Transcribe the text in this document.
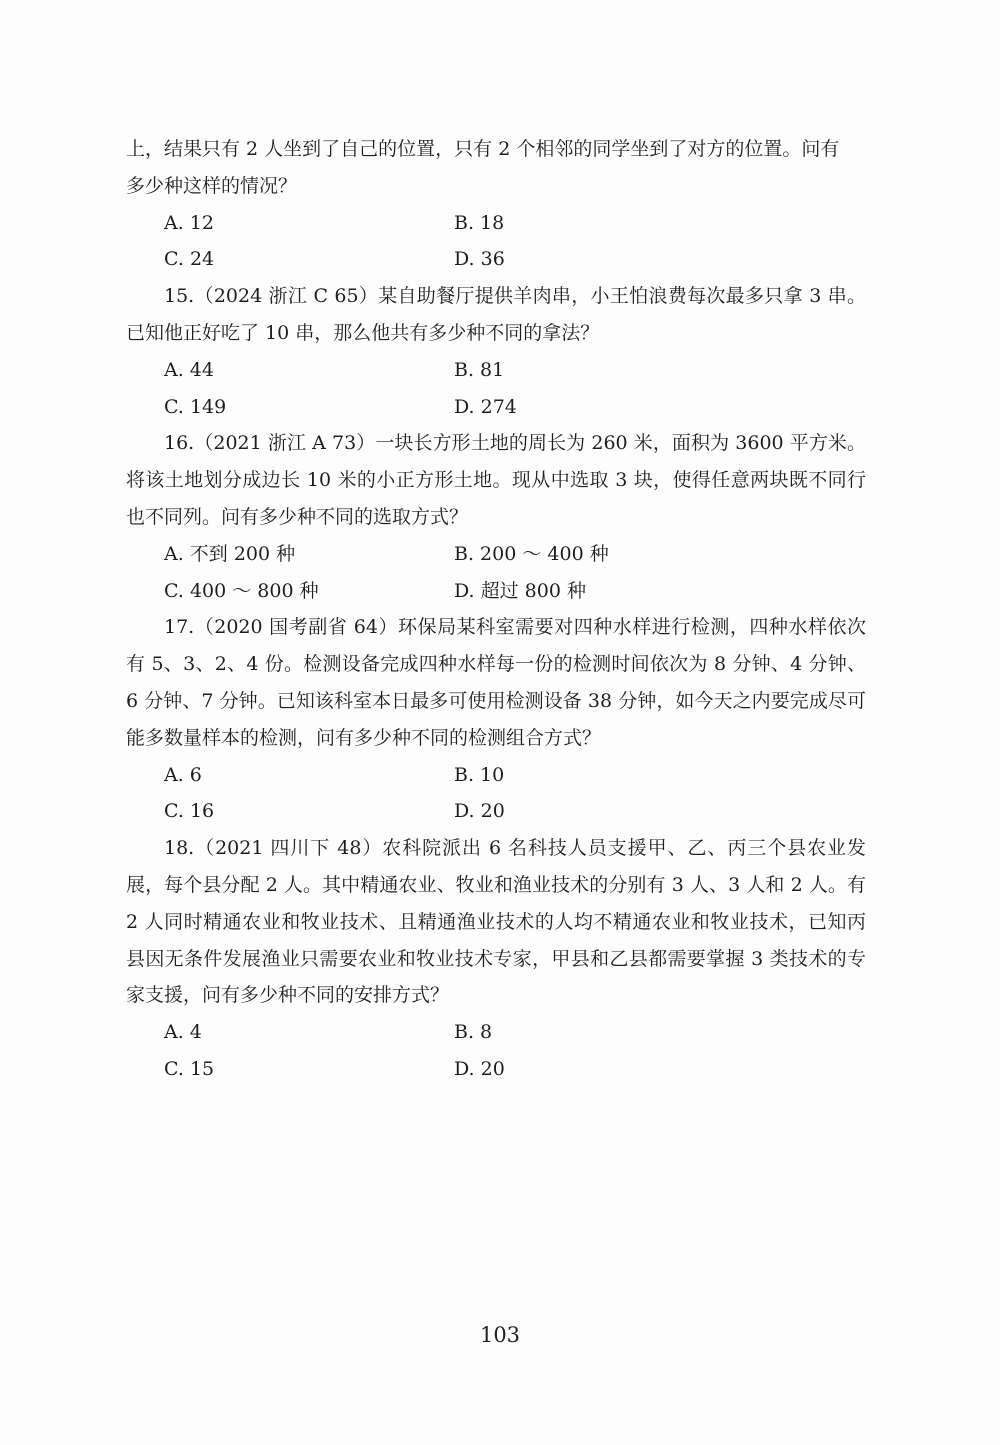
上，结果只有 2 人坐到了自己的位置，只有 2 个相邻的同学坐到了对方的位置。问有

多少种这样的情况？

A. 12	B. 18
C. 24	D. 36

15.（2024 浙江 C 65）某自助餐厅提供羊肉串，小王怕浪费每次最多只拿 3 串。已知他正好吃了 10 串，那么他共有多少种不同的拿法？

A. 44	B. 81
C. 149	D. 274

16.（2021 浙江 A 73）一块长方形土地的周长为 260 米，面积为 3600 平方米。将该土地划分成边长 10 米的小正方形土地。现从中选取 3 块，使得任意两块既不同行也不同列。问有多少种不同的选取方式？

A. 不到 200 种	B. 200 ～ 400 种
C. 400 ～ 800 种	D. 超过 800 种

17.（2020 国考副省 64）环保局某科室需要对四种水样进行检测，四种水样依次有 5、3、2、4 份。检测设备完成四种水样每一份的检测时间依次为 8 分钟、4 分钟、6 分钟、7 分钟。已知该科室本日最多可使用检测设备 38 分钟，如今天之内要完成尽可能多数量样本的检测，问有多少种不同的检测组合方式？

A. 6	B. 10
C. 16	D. 20

18.（2021 四川下 48）农科院派出 6 名科技人员支援甲、乙、丙三个县农业发展，每个县分配 2 人。其中精通农业、牧业和渔业技术的分别有 3 人、3 人和 2 人。有 2 人同时精通农业和牧业技术、且精通渔业技术的人均不精通农业和牧业技术，已知丙县因无条件发展渔业只需要农业和牧业技术专家，甲县和乙县都需要掌握 3 类技术的专家支援，问有多少种不同的安排方式？

A. 4	B. 8
C. 15	D. 20
103
